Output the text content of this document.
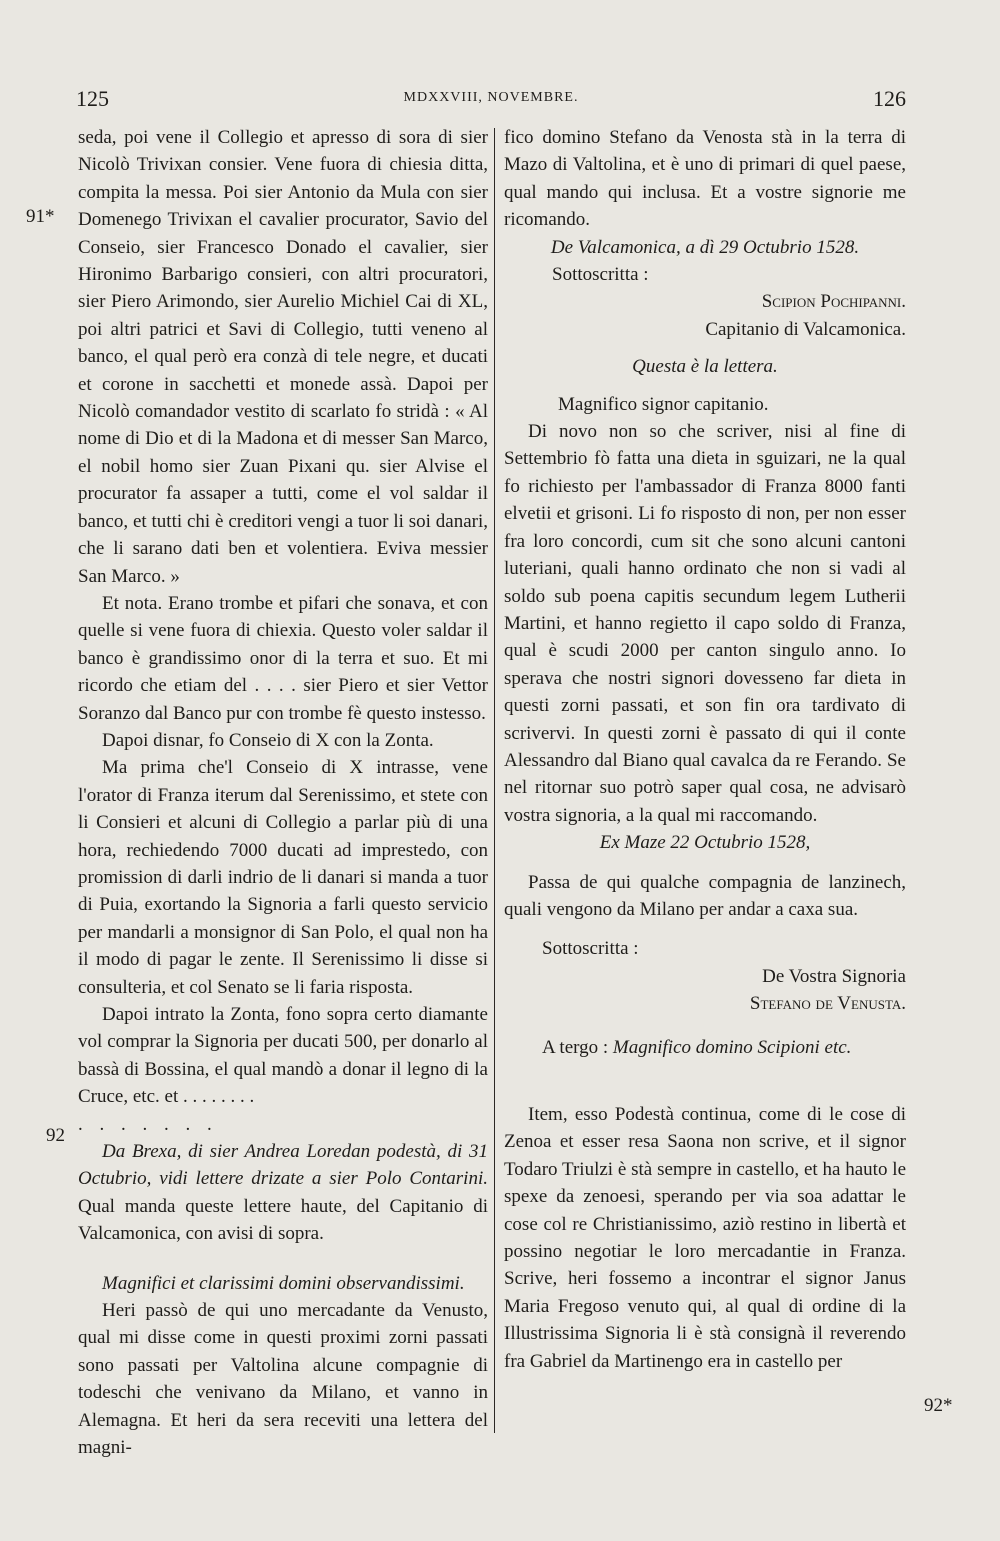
125	MDXXVIII, NOVEMBRE.	126
91*
92
92*

seda, poi vene il Collegio et apresso di sora di sier Nicolò Trivixan consier. Vene fuora di chiesia ditta, compita la messa. Poi sier Antonio da Mula con sier Domenego Trivixan el cavalier procurator, Savio del Conseio, sier Francesco Donado el cavalier, sier Hironimo Barbarigo consieri, con altri procuratori, sier Piero Arimondo, sier Aurelio Michiel Cai di XL, poi altri patrici et Savi di Collegio, tutti veneno al banco, el qual però era conzà di tele negre, et ducati et corone in sacchetti et monede assà. Dapoi per Nicolò comandador vestito di scarlato fo stridà : « Al nome di Dio et di la Madona et di messer San Marco, el nobil homo sier Zuan Pixani qu. sier Alvise el procurator fa assaper a tutti, come el vol saldar il banco, et tutti chi è creditori vengi a tuor li soi danari, che li sarano dati ben et volentiera. Eviva messier San Marco. »

Et nota. Erano trombe et pifari che sonava, et con quelle si vene fuora di chiexia. Questo voler saldar il banco è grandissimo onor di la terra et suo. Et mi ricordo che etiam del . . . . sier Piero et sier Vettor Soranzo dal Banco pur con trombe fè questo instesso.

Dapoi disnar, fo Conseio di X con la Zonta.

Ma prima che'l Conseio di X intrasse, vene l'orator di Franza iterum dal Serenissimo, et stete con li Consieri et alcuni di Collegio a parlar più di una hora, rechiedendo 7000 ducati ad imprestedo, con promission di darli indrio de li danari si manda a tuor di Puia, exortando la Signoria a farli questo servicio per mandarli a monsignor di San Polo, el qual non ha il modo di pagar le zente. Il Serenissimo li disse si consulteria, et col Senato se li faria risposta.

Dapoi intrato la Zonta, fono sopra certo diamante vol comprar la Signoria per ducati 500, per donarlo al bassà di Bossina, el qual mandò a donar il legno di la Cruce, etc. et . . . . . . . .

. . . . . . .

Da Brexa, di sier Andrea Loredan podestà, di 31 Octubrio, vidi lettere drizate a sier Polo Contarini. Qual manda queste lettere haute, del Capitanio di Valcamonica, con avisi di sopra.

Magnifici et clarissimi domini observandissimi.

Heri passò de qui uno mercadante da Venusto, qual mi disse come in questi proximi zorni passati sono passati per Valtolina alcune compagnie di todeschi che venivano da Milano, et vanno in Alemagna. Et heri da sera receviti una lettera del magni-

fico domino Stefano da Venosta stà in la terra di Mazo di Valtolina, et è uno di primari di quel paese, qual mando qui inclusa. Et a vostre signorie me ricomando.

De Valcamonica, a dì 29 Octubrio 1528.

Sottoscritta :

Scipion Pochipanni.

Capitanio di Valcamonica.

Questa è la lettera.

Magnifico signor capitanio.

Di novo non so che scriver, nisi al fine di Settembrio fò fatta una dieta in sguizari, ne la qual fo richiesto per l'ambassador di Franza 8000 fanti elvetii et grisoni. Li fo risposto di non, per non esser fra loro concordi, cum sit che sono alcuni cantoni luteriani, quali hanno ordinato che non si vadi al soldo sub poena capitis secundum legem Lutherii Martini, et hanno regietto il capo soldo di Franza, qual è scudi 2000 per canton singulo anno. Io sperava che nostri signori dovesseno far dieta in questi zorni passati, et son fin ora tardivato di scrivervi. In questi zorni è passato di qui il conte Alessandro dal Biano qual cavalca da re Ferando. Se nel ritornar suo potrò saper qual cosa, ne advisarò vostra signoria, a la qual mi raccomando.

Ex Maze 22 Octubrio 1528,

Passa de qui qualche compagnia de lanzinech, quali vengono da Milano per andar a caxa sua.

Sottoscritta :

De Vostra Signoria

Stefano de Venusta.

A tergo : Magnifico domino Scipioni etc.

Item, esso Podestà continua, come di le cose di Zenoa et esser resa Saona non scrive, et il signor Todaro Triulzi è stà sempre in castello, et ha hauto le spexe da zenoesi, sperando per via soa adattar le cose col re Christianissimo, aziò restino in libertà et possino negotiar le loro mercadantie in Franza. Scrive, heri fossemo a incontrar el signor Janus Maria Fregoso venuto qui, al qual di ordine di la Illustrissima Signoria li è stà consignà il reverendo fra Gabriel da Martinengo era in castello per
